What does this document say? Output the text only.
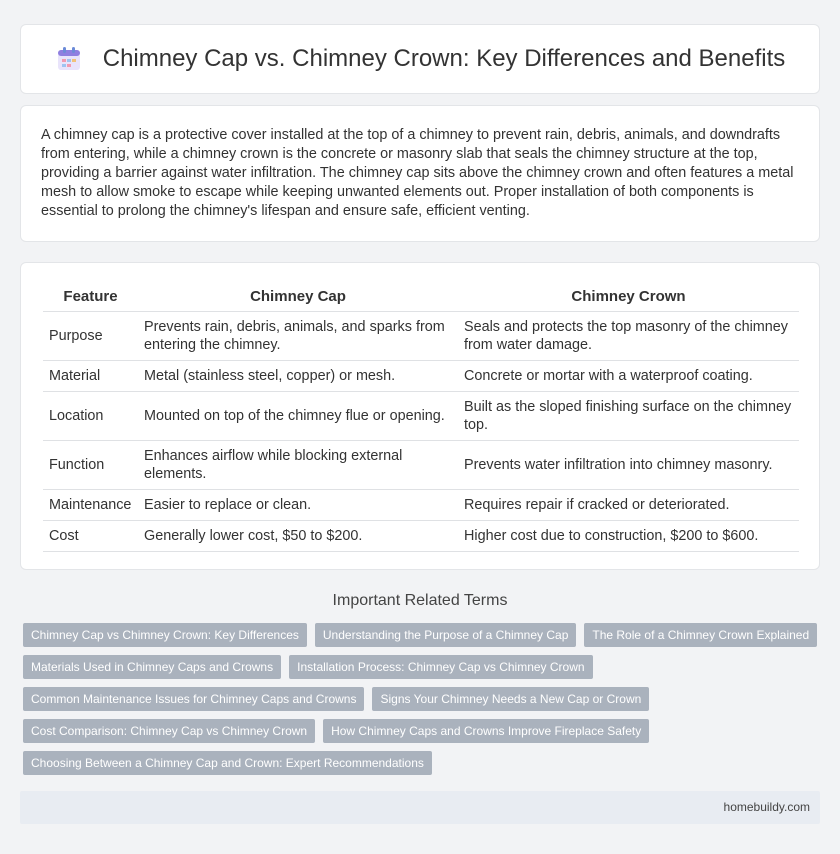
Chimney Cap vs. Chimney Crown: Key Differences and Benefits

A chimney cap is a protective cover installed at the top of a chimney to prevent rain, debris, animals, and downdrafts from entering, while a chimney crown is the concrete or masonry slab that seals the chimney structure at the top, providing a barrier against water infiltration. The chimney cap sits above the chimney crown and often features a metal mesh to allow smoke to escape while keeping unwanted elements out. Proper installation of both components is essential to prolong the chimney's lifespan and ensure safe, efficient venting.

Feature	Chimney Cap	Chimney Crown
Purpose	Prevents rain, debris, animals, and sparks from entering the chimney.	Seals and protects the top masonry of the chimney from water damage.
Material	Metal (stainless steel, copper) or mesh.	Concrete or mortar with a waterproof coating.
Location	Mounted on top of the chimney flue or opening.	Built as the sloped finishing surface on the chimney top.
Function	Enhances airflow while blocking external elements.	Prevents water infiltration into chimney masonry.
Maintenance	Easier to replace or clean.	Requires repair if cracked or deteriorated.
Cost	Generally lower cost, $50 to $200.	Higher cost due to construction, $200 to $600.
Important Related Terms
Chimney Cap vs Chimney Crown: Key Differences	Understanding the Purpose of a Chimney Cap	The Role of a Chimney Crown Explained
Materials Used in Chimney Caps and Crowns	Installation Process: Chimney Cap vs Chimney Crown
Common Maintenance Issues for Chimney Caps and Crowns	Signs Your Chimney Needs a New Cap or Crown
Cost Comparison: Chimney Cap vs Chimney Crown	How Chimney Caps and Crowns Improve Fireplace Safety
Choosing Between a Chimney Cap and Crown: Expert Recommendations
homebuildy.com
